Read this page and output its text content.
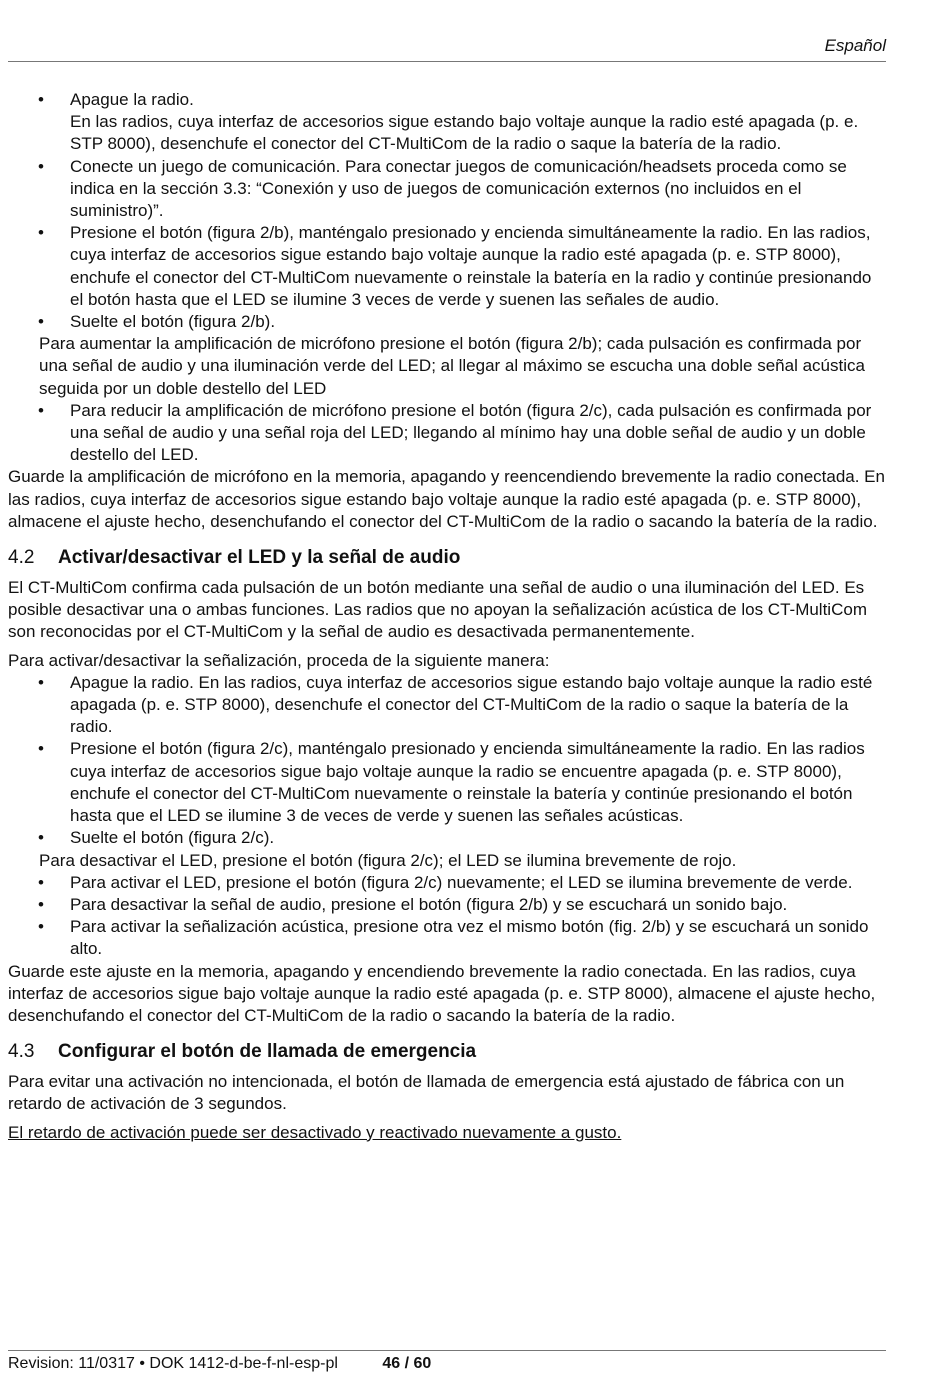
Español
• Apague la radio.
En las radios, cuya interfaz de accesorios sigue estando bajo voltaje aunque la radio esté apagada (p. e. STP 8000), desenchufe el conector del CT-MultiCom de la radio o saque la batería de la radio.
• Conecte un juego de comunicación. Para conectar juegos de comunicación/headsets proceda como se indica en la sección 3.3: “Conexión y uso de juegos de comunicación externos (no incluidos en el suministro)”.
• Presione el botón (figura 2/b), manténgalo presionado y encienda simultáneamente la radio. En las radios, cuya interfaz de accesorios sigue estando bajo voltaje aunque la radio esté apagada (p. e. STP 8000), enchufe el conector del CT-MultiCom nuevamente o reinstale la batería en la radio y continúe presionando el botón hasta que el LED se ilumine 3 veces de verde y suenen las señales de audio.
• Suelte el botón (figura 2/b).

Para aumentar la amplificación de micrófono presione el botón (figura 2/b); cada pulsación es confirmada por una señal de audio y una iluminación verde del LED; al llegar al máximo se escucha una doble señal acústica seguida por un doble destello del LED

• Para reducir la amplificación de micrófono presione el botón (figura 2/c), cada pulsación es confirmada por una señal de audio y una señal roja del LED; llegando al mínimo hay una doble señal de audio y un doble destello del LED.

Guarde la amplificación de micrófono en la memoria, apagando y reencendiendo brevemente la radio conectada. En las radios, cuya interfaz de accesorios sigue estando bajo voltaje aunque la radio esté apagada (p. e. STP 8000), almacene el ajuste hecho, desenchufando el conector del CT-MultiCom de la radio o sacando la batería de la radio.

4.2 Activar/desactivar el LED y la señal de audio

El CT-MultiCom confirma cada pulsación de un botón mediante una señal de audio o una iluminación del LED. Es posible desactivar una o ambas funciones. Las radios que no apoyan la señalización acústica de los CT-MultiCom son reconocidas por el CT-MultiCom y la señal de audio es desactivada permanentemente.

Para activar/desactivar la señalización, proceda de la siguiente manera:

• Apague la radio. En las radios, cuya interfaz de accesorios sigue estando bajo voltaje aunque la radio esté apagada (p. e. STP 8000), desenchufe el conector del CT-MultiCom de la radio o saque la batería de la radio.
• Presione el botón (figura 2/c), manténgalo presionado y encienda simultáneamente la radio. En las radios cuya interfaz de accesorios sigue bajo voltaje aunque la radio se encuentre apagada (p. e. STP 8000), enchufe el conector del CT-MultiCom nuevamente o reinstale la batería y continúe presionando el botón hasta que el LED se ilumine 3 de veces de verde y suenen las señales acústicas.
• Suelte el botón (figura 2/c).

Para desactivar el LED, presione el botón (figura 2/c); el LED se ilumina brevemente de rojo.

• Para activar el LED, presione el botón (figura 2/c) nuevamente; el LED se ilumina brevemente de verde.
• Para desactivar la señal de audio, presione el botón (figura 2/b) y se escuchará un sonido bajo.
• Para activar la señalización acústica, presione otra vez el mismo botón (fig. 2/b) y se escuchará un sonido alto.

Guarde este ajuste en la memoria, apagando y encendiendo brevemente la radio conectada. En las radios, cuya interfaz de accesorios sigue bajo voltaje aunque la radio esté apagada (p. e. STP 8000), almacene el ajuste hecho, desenchufando el conector del CT-MultiCom de la radio o sacando la batería de la radio.

4.3 Configurar el botón de llamada de emergencia

Para evitar una activación no intencionada, el botón de llamada de emergencia está ajustado de fábrica con un retardo de activación de 3 segundos.

El retardo de activación puede ser desactivado y reactivado nuevamente a gusto.

Revision: 11/0317 • DOK 1412-d-be-f-nl-esp-pl	46 / 60
